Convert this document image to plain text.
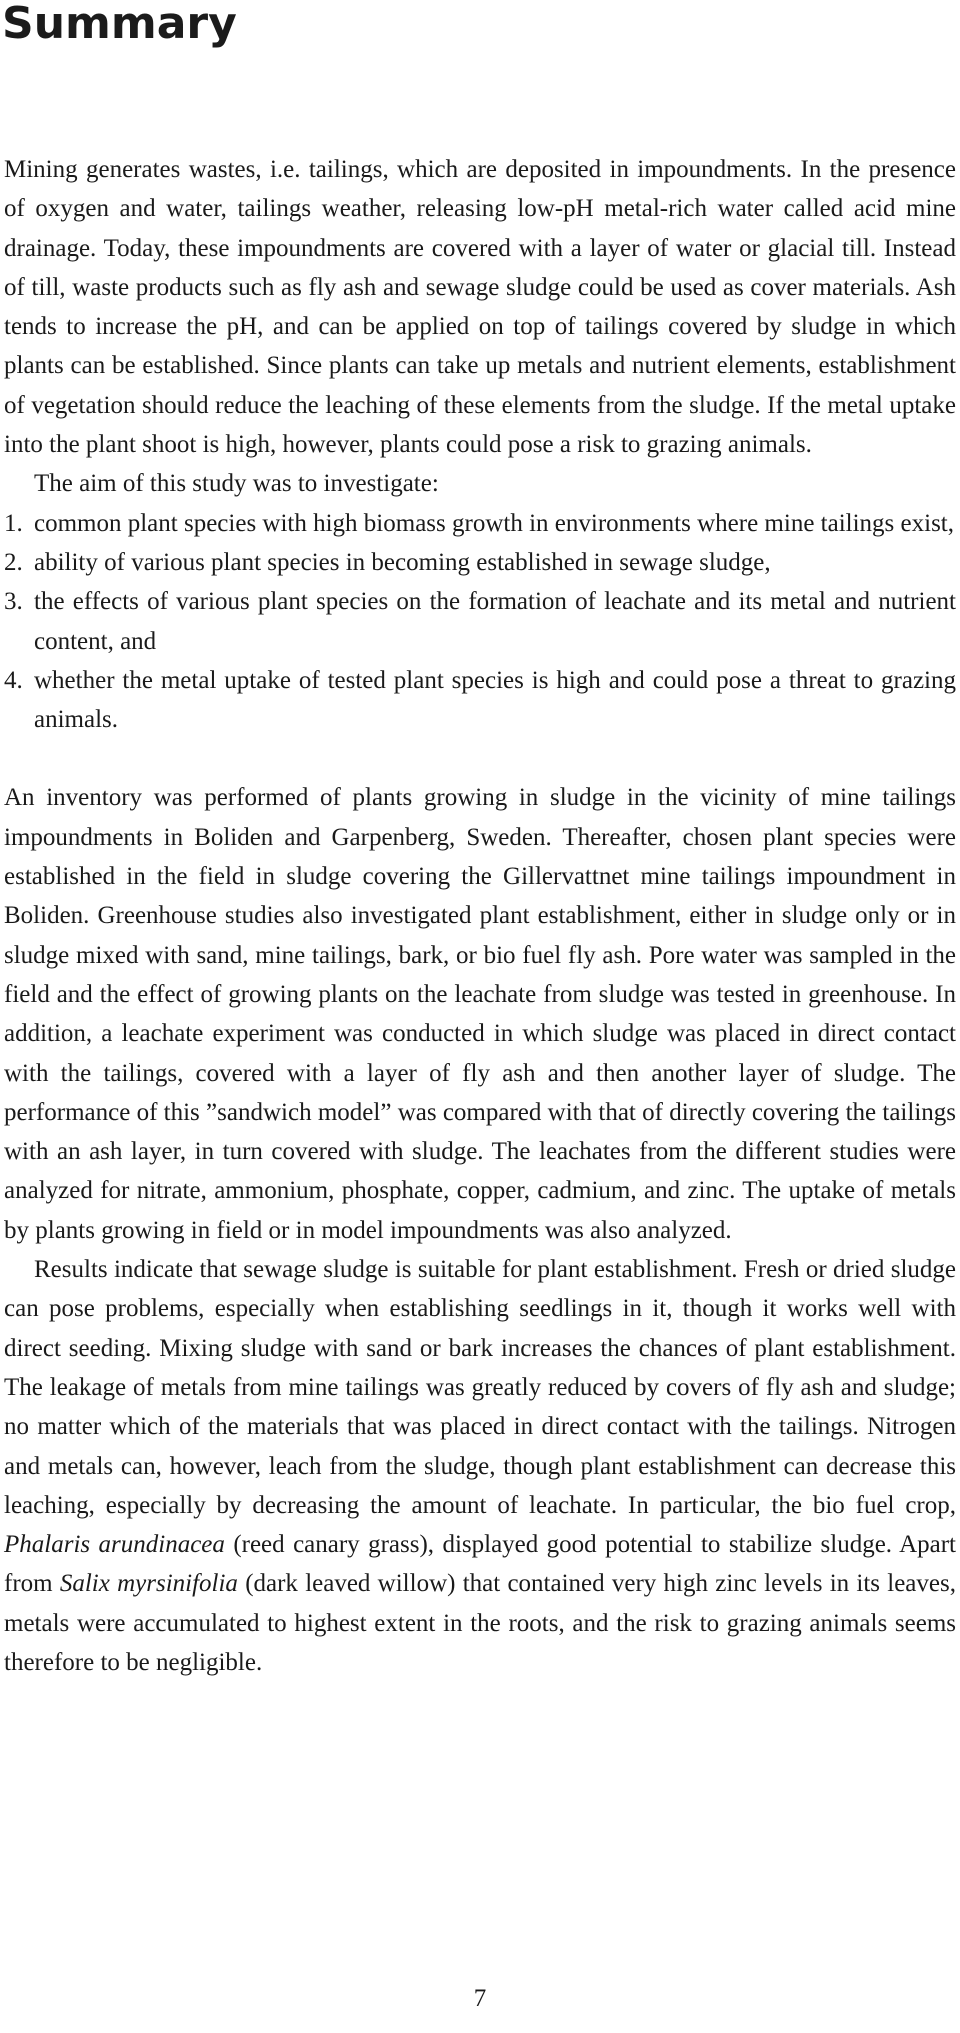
Summary

Mining generates wastes, i.e. tailings, which are deposited in impoundments. In the presence of oxygen and water, tailings weather, releasing low-pH metal-rich water called acid mine drainage. Today, these impoundments are covered with a layer of water or glacial till. Instead of till, waste products such as fly ash and sewage sludge could be used as cover materials. Ash tends to increase the pH, and can be applied on top of tailings covered by sludge in which plants can be established. Since plants can take up metals and nutrient elements, establishment of vegetation should reduce the leaching of these elements from the sludge. If the metal uptake into the plant shoot is high, however, plants could pose a risk to grazing animals.

The aim of this study was to investigate:

1. common plant species with high biomass growth in environments where mine tailings exist,
2. ability of various plant species in becoming established in sewage sludge,
3. the effects of various plant species on the formation of leachate and its metal and nutrient content, and
4. whether the metal uptake of tested plant species is high and could pose a threat to grazing animals.

An inventory was performed of plants growing in sludge in the vicinity of mine tailings impoundments in Boliden and Garpenberg, Sweden. Thereafter, chosen plant species were established in the field in sludge covering the Gillervattnet mine tailings impoundment in Boliden. Greenhouse studies also investigated plant establishment, either in sludge only or in sludge mixed with sand, mine tailings, bark, or bio fuel fly ash. Pore water was sampled in the field and the effect of growing plants on the leachate from sludge was tested in greenhouse. In addition, a leachate experiment was conducted in which sludge was placed in direct contact with the tailings, covered with a layer of fly ash and then another layer of sludge. The performance of this ”sandwich model” was compared with that of directly covering the tailings with an ash layer, in turn covered with sludge. The leachates from the different studies were analyzed for nitrate, ammonium, phosphate, copper, cadmium, and zinc. The uptake of metals by plants growing in field or in model impoundments was also analyzed.

Results indicate that sewage sludge is suitable for plant establishment. Fresh or dried sludge can pose problems, especially when establishing seedlings in it, though it works well with direct seeding. Mixing sludge with sand or bark increases the chances of plant establishment. The leakage of metals from mine tailings was greatly reduced by covers of fly ash and sludge; no matter which of the materials that was placed in direct contact with the tailings. Nitrogen and metals can, however, leach from the sludge, though plant establishment can decrease this leaching, especially by decreasing the amount of leachate. In particular, the bio fuel crop, Phalaris arundinacea (reed canary grass), displayed good potential to stabilize sludge. Apart from Salix myrsinifolia (dark leaved willow) that contained very high zinc levels in its leaves, metals were accumulated to highest extent in the roots, and the risk to grazing animals seems therefore to be negligible.

7
